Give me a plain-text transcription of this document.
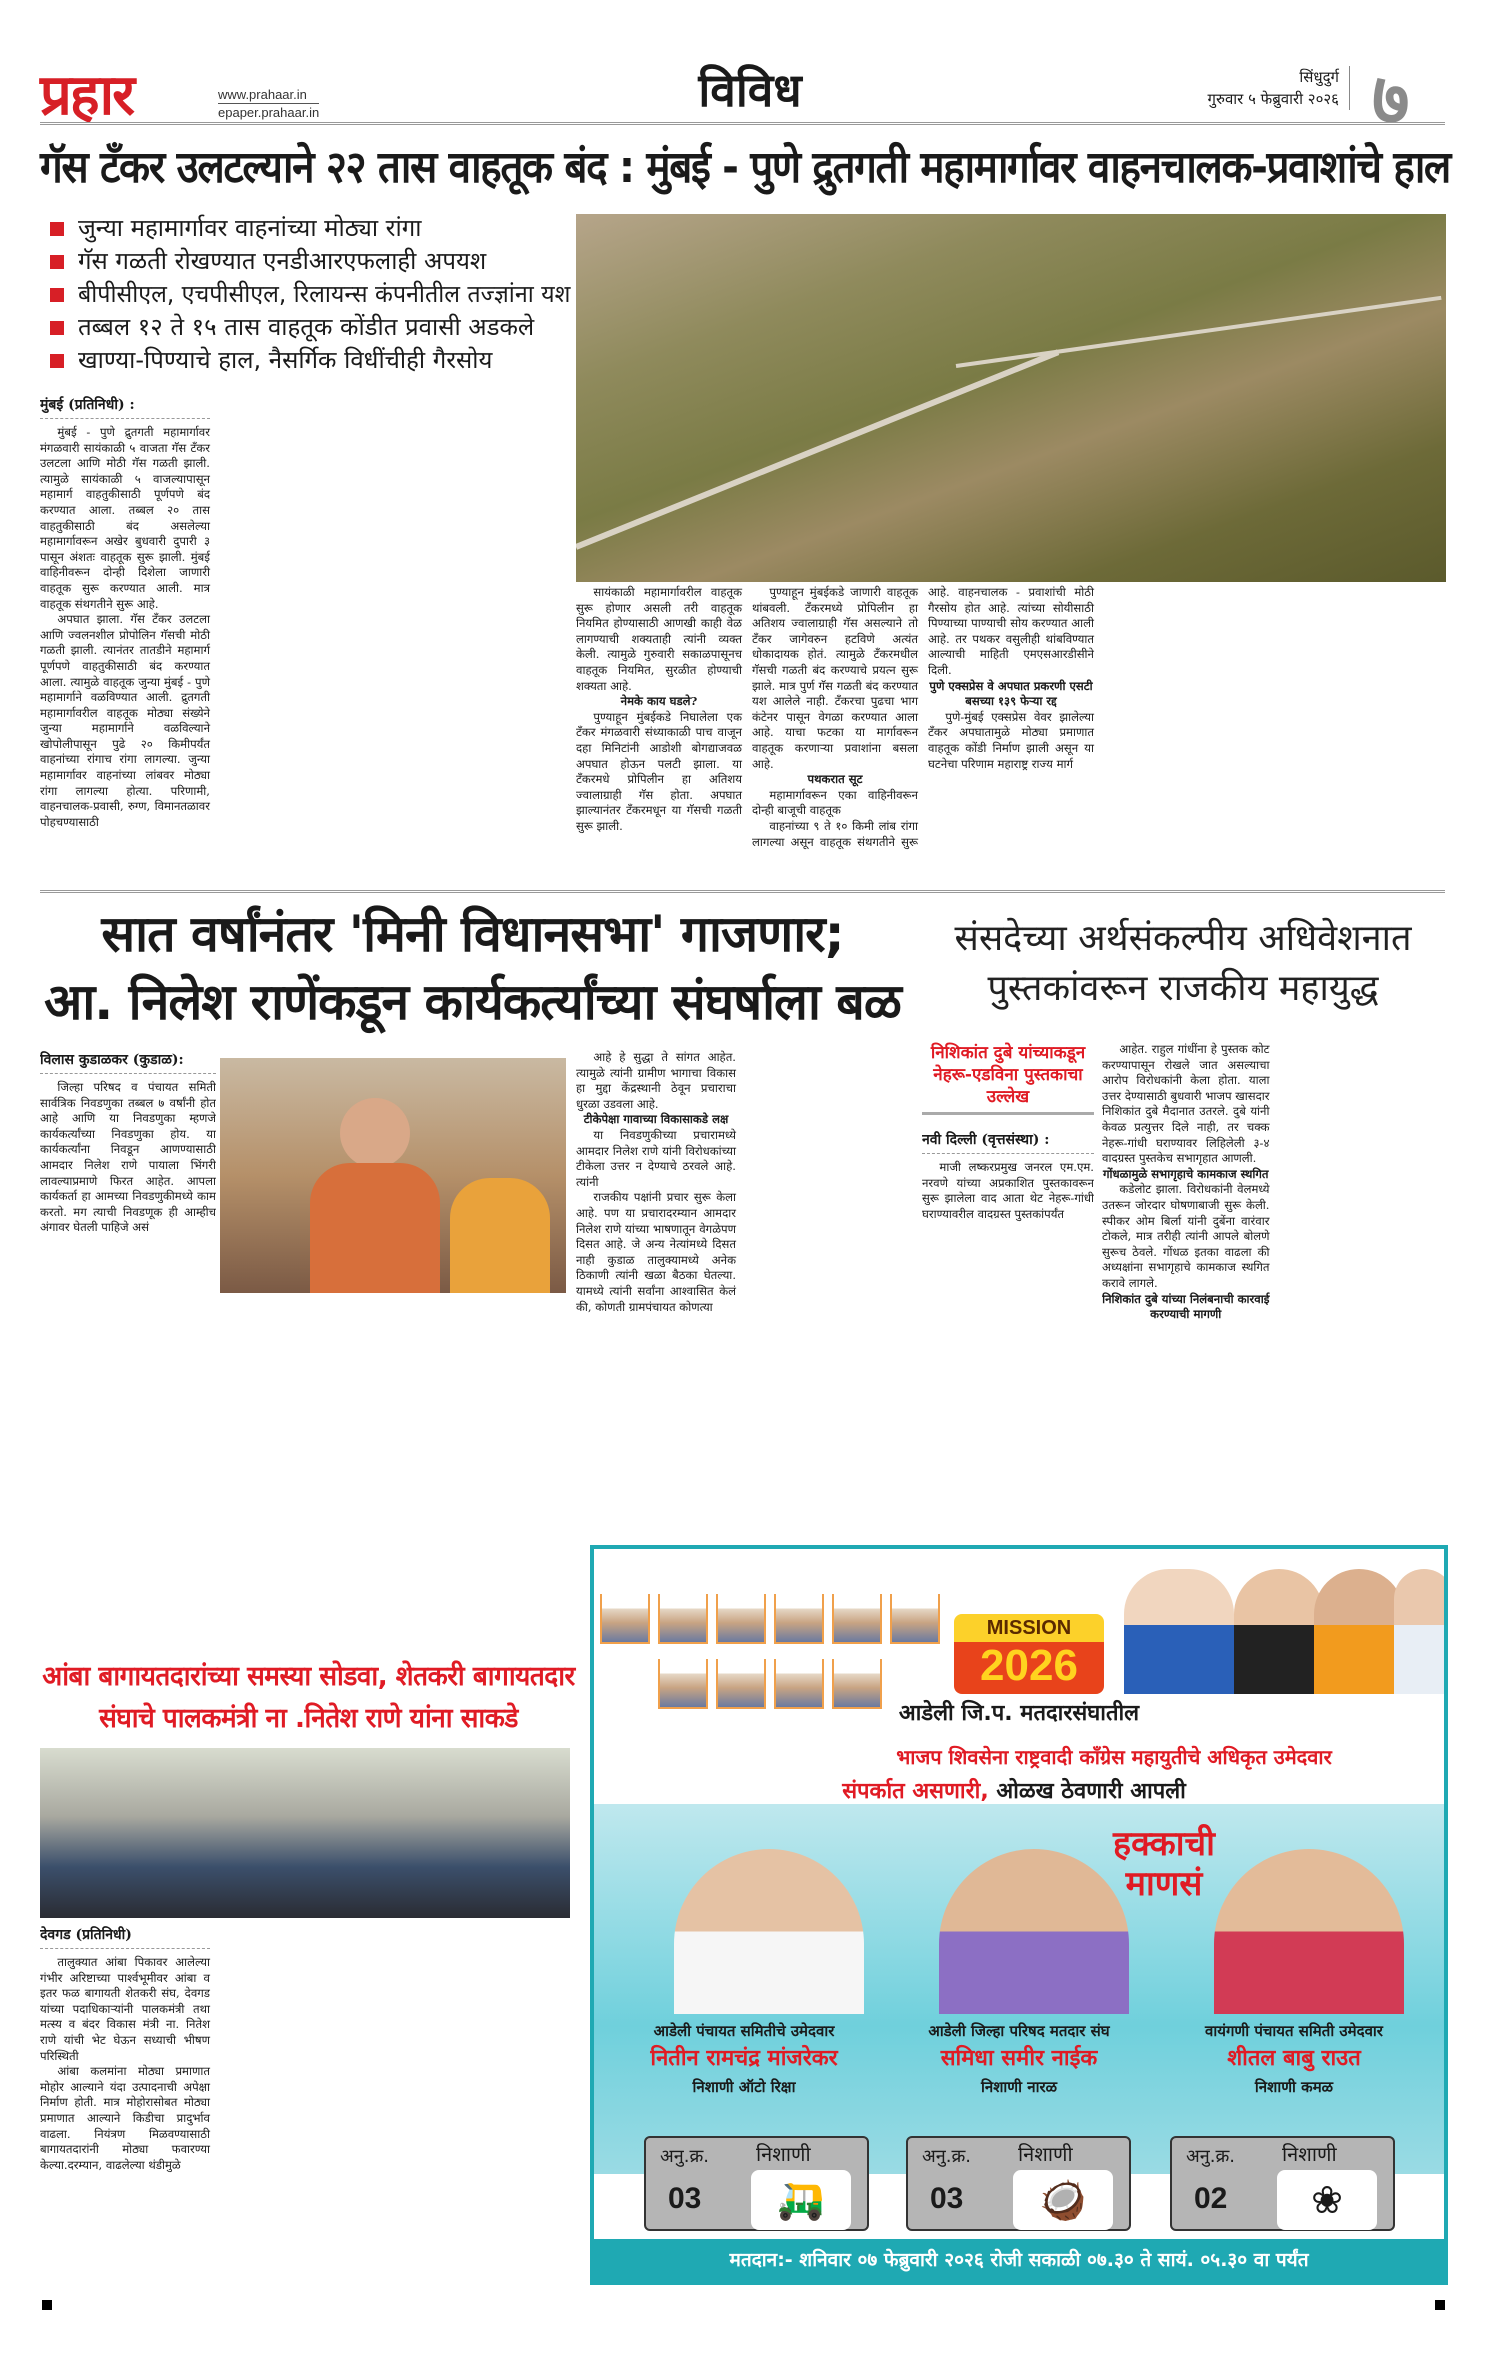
प्रहार	www.prahaar.in
epaper.prahaar.in	विविध	सिंधुदुर्ग
गुरुवार ५ फेब्रुवारी २०२६ ७
गॅस टँकर उलटल्याने २२ तास वाहतूक बंद : मुंबई - पुणे द्रुतगती महामार्गावर वाहनचालक-प्रवाशांचे हाल
जुन्या महामार्गावर वाहनांच्या मोठ्या रांगा
गॅस गळती रोखण्यात एनडीआरएफलाही अपयश
बीपीसीएल, एचपीसीएल, रिलायन्स कंपनीतील तज्ज्ञांना यश
तब्बल १२ ते १५ तास वाहतूक कोंडीत प्रवासी अडकले
खाण्या-पिण्याचे हाल, नैसर्गिक विधींचीही गैरसोय

मुंबई (प्रतिनिधी) :

मुंबई - पुणे द्रुतगती महामार्गावर मंगळवारी सायंकाळी ५ वाजता गॅस टँकर उलटला आणि मोठी गॅस गळती झाली. त्यामुळे सायंकाळी ५ वाजल्यापासून महामार्ग वाहतुकीसाठी पूर्णपणे बंद करण्यात आला. तब्बल २० तास वाहतुकीसाठी बंद असलेल्या महामार्गावरून अखेर बुधवारी दुपारी ३ पासून अंशतः वाहतूक सुरू झाली. मुंबई वाहिनीवरून दोन्ही दिशेला जाणारी वाहतूक सुरू करण्यात आली. मात्र वाहतूक संथगतीने सुरू आहे.

अपघात झाला. गॅस टँकर उलटला आणि ज्वलनशील प्रोपोलिन गॅसची मोठी गळती झाली. त्यानंतर तातडीने महामार्ग पूर्णपणे वाहतुकीसाठी बंद करण्यात आला. त्यामुळे वाहतूक जुन्या मुंबई - पुणे महामार्गाने वळविण्यात आली. द्रुतगती महामार्गावरील वाहतूक मोठ्या संख्येने जुन्या महामार्गाने वळविल्याने खोपोलीपासून पुढे २० किमीपर्यंत वाहनांच्या रांगाच रांगा लागल्या. जुन्या महामार्गावर वाहनांच्या लांबवर मोठ्या रांगा लागल्या होत्या. परिणामी, वाहनचालक-प्रवासी, रुग्ण, विमानतळावर पोहचण्यासाठी

सायंकाळी महामार्गावरील वाहतूक सुरू होणार असली तरी वाहतूक नियमित होण्यासाठी आणखी काही वेळ लागण्याची शक्यताही त्यांनी व्यक्त केली. त्यामुळे गुरुवारी सकाळपासूनच वाहतूक नियमित, सुरळीत होण्याची शक्यता आहे.

नेमके काय घडले?

पुण्याहून मुंबईकडे निघालेला एक टँकर मंगळवारी संध्याकाळी पाच वाजून दहा मिनिटांनी आडोशी बोगद्याजवळ अपघात होऊन पलटी झाला. या टँकरमधे प्रोपिलीन हा अतिशय ज्वालाग्राही गॅस होता. अपघात झाल्यानंतर टँकरमधून या गॅसची गळती सुरू झाली.

पुण्याहून मुंबईकडे जाणारी वाहतूक थांबवली. टँकरमध्ये प्रोपिलीन हा अतिशय ज्वालाग्राही गॅस असल्याने तो टँकर जागेवरुन हटविणे अत्यंत धोकादायक होतं. त्यामुळे टँकरमधील गॅसची गळती बंद करण्याचे प्रयत्न सुरू झाले. मात्र पुर्ण गॅस गळती बंद करण्यात यश आलेले नाही. टँकरचा पुढचा भाग कंटेनर पासून वेगळा करण्यात आला आहे. याचा फटका या मार्गावरून वाहतूक करणाऱ्या प्रवाशांना बसला आहे.

पथकरात सूट

महामार्गावरून एका वाहिनीवरून दोन्ही बाजूची वाहतूक

वाहनांच्या ९ ते १० किमी लांब रांगा लागल्या असून वाहतूक संथगतीने सुरू आहे. वाहनचालक - प्रवाशांची मोठी गैरसोय होत आहे. त्यांच्या सोयीसाठी पिण्याच्या पाण्याची सोय करण्यात आली आहे. तर पथकर वसुलीही थांबविण्यात आल्याची माहिती एमएसआरडीसीने दिली.

पुणे एक्सप्रेस वे अपघात प्रकरणी एसटी बसच्या १३९ फेऱ्या रद्द

पुणे-मुंबई एक्सप्रेस वेवर झालेल्या टँकर अपघातामुळे मोठ्या प्रमाणात वाहतूक कोंडी निर्माण झाली असून या घटनेचा परिणाम महाराष्ट्र राज्य मार्ग

सात वर्षांनंतर 'मिनी विधानसभा' गाजणार;
आ. निलेश राणेंकडून कार्यकर्त्यांच्या संघर्षाला बळ

विलास कुडाळकर (कुडाळ):

जिल्हा परिषद व पंचायत समिती सार्वत्रिक निवडणुका तब्बल ७ वर्षांनी होत आहे आणि या निवडणुका म्हणजे कार्यकर्त्यांच्या निवडणुका होय. या कार्यकर्त्यांना निवडून आणण्यासाठी आमदार निलेश राणे पायाला भिंगरी लावल्याप्रमाणे फिरत आहेत. आपला कार्यकर्ता हा आमच्या निवडणुकीमध्ये काम करतो. मग त्याची निवडणूक ही आम्हीच अंगावर घेतली पाहिजे असं

आहे हे सुद्धा ते सांगत आहेत. त्यामुळे त्यांनी ग्रामीण भागाचा विकास हा मुद्दा केंद्रस्थानी ठेवून प्रचाराचा धुरळा उडवला आहे.

टीकेपेक्षा गावाच्या विकासाकडे लक्ष

या निवडणुकीच्या प्रचारामध्ये आमदार निलेश राणे यांनी विरोधकांच्या टीकेला उत्तर न देण्याचे ठरवले आहे. त्यांनी

राजकीय पक्षांनी प्रचार सुरू केला आहे. पण या प्रचारादरम्यान आमदार निलेश राणे यांच्या भाषणातून वेगळेपण दिसत आहे. जे अन्य नेत्यांमध्ये दिसत नाही कुडाळ तालुक्यामध्ये अनेक ठिकाणी त्यांनी खळा बैठका घेतल्या. यामध्ये त्यांनी सर्वांना आश्वासित केलं की, कोणती ग्रामपंचायत कोणत्या

संसदेच्या अर्थसंकल्पीय अधिवेशनात पुस्तकांवरून राजकीय महायुद्ध
निशिकांत दुबे यांच्याकडून नेहरू-एडविना पुस्तकाचा उल्लेख

नवी दिल्ली (वृत्तसंस्था) :

माजी लष्करप्रमुख जनरल एम.एम. नरवणे यांच्या अप्रकाशित पुस्तकावरून सुरू झालेला वाद आता थेट नेहरू-गांधी घराण्यावरील वादग्रस्त पुस्तकांपर्यंत

आहेत. राहुल गांधींना हे पुस्तक कोट करण्यापासून रोखले जात असल्याचा आरोप विरोधकांनी केला होता. याला उत्तर देण्यासाठी बुधवारी भाजप खासदार निशिकांत दुबे मैदानात उतरले. दुबे यांनी केवळ प्रत्युत्तर दिले नाही, तर चक्क नेहरू-गांधी घराण्यावर लिहिलेली ३-४ वादग्रस्त पुस्तकेच सभागृहात आणली.

गोंधळामुळे सभागृहाचे कामकाज स्थगित

कडेलोट झाला. विरोधकांनी वेलमध्ये उतरून जोरदार घोषणाबाजी सुरू केली. स्पीकर ओम बिर्ला यांनी दुबेंना वारंवार टोकले, मात्र तरीही त्यांनी आपले बोलणे सुरूच ठेवले. गोंधळ इतका वाढला की अध्यक्षांना सभागृहाचे कामकाज स्थगित करावे लागले.

निशिकांत दुबे यांच्या निलंबनाची कारवाई करण्याची मागणी

आंबा बागायतदारांच्या समस्या सोडवा, शेतकरी बागायतदार संघाचे पालकमंत्री ना .नितेश राणे यांना साकडे

देवगड (प्रतिनिधी)

तालुक्यात आंबा पिकावर आलेल्या गंभीर अरिष्टाच्या पार्श्वभूमीवर आंबा व इतर फळ बागायती शेतकरी संघ, देवगड यांच्या पदाधिकाऱ्यांनी पालकमंत्री तथा मत्स्य व बंदर विकास मंत्री ना. नितेश राणे यांची भेट घेऊन सध्याची भीषण परिस्थिती

आंबा कलमांना मोठ्या प्रमाणात मोहोर आल्याने यंदा उत्पादनाची अपेक्षा निर्माण होती. मात्र मोहोरासोबत मोठ्या प्रमाणात आल्याने किडीचा प्रादुर्भाव वाढला. नियंत्रण मिळवण्यासाठी बागायतदारांनी मोठ्या फवारण्या केल्या.दरम्यान, वाढलेल्या थंडीमुळे

MISSION
2026
आडेली जि.प. मतदारसंघातील
भाजप शिवसेना राष्ट्रवादी कॉंग्रेस महायुतीचे अधिकृत उमेदवार
संपर्कात असणारी, ओळख ठेवणारी आपली
हक्काची
माणसं
आडेली पंचायत समितीचे उमेदवार
नितीन रामचंद्र मांजरेकर
निशाणी ऑटो रिक्षा
आडेली जिल्हा परिषद मतदार संघ
समिधा समीर नाईक
निशाणी नारळ
वायंगणी पंचायत समिती उमेदवार
शीतल बाबु राउत
निशाणी कमळ
अनु.क्र.
03
निशाणी
🛺
अनु.क्र.
03
निशाणी
🥥
अनु.क्र.
02
निशाणी
❀
मतदान:- शनिवार ०७ फेब्रुवारी २०२६ रोजी सकाळी ०७.३० ते सायं. ०५.३० वा पर्यंत
